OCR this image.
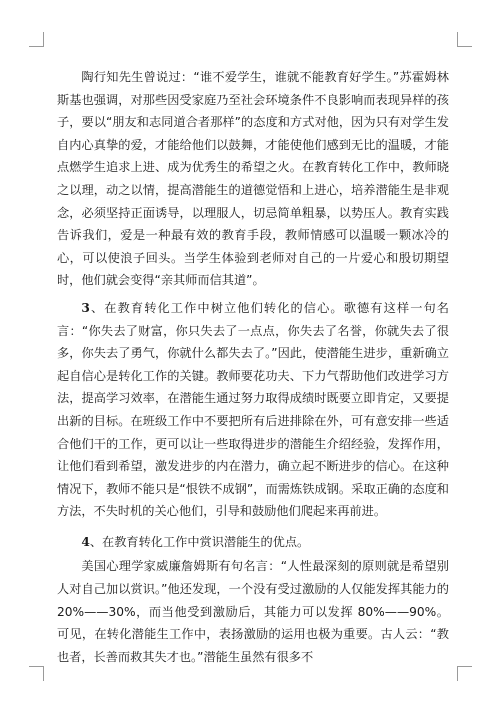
陶行知先生曾说过：“谁不爱学生，谁就不能教育好学生。”苏霍姆林斯基也强调，对那些因受家庭乃至社会环境条件不良影响而表现异样的孩子，要以“朋友和志同道合者那样”的态度和方式对他，因为只有对学生发自内心真挚的爱，才能给他们以鼓舞，才能使他们感到无比的温暖，才能点燃学生追求上进、成为优秀生的希望之火。在教育转化工作中，教师晓之以理，动之以情，提高潜能生的道德觉悟和上进心，培养潜能生是非观念，必须坚持正面诱导，以理服人，切忌简单粗暴，以势压人。教育实践告诉我们，爱是一种最有效的教育手段，教师情感可以温暖一颗冰冷的心，可以使浪子回头。当学生体验到老师对自己的一片爱心和殷切期望时，他们就会变得“亲其师而信其道”。

3、在教育转化工作中树立他们转化的信心。歌德有这样一句名言：“你失去了财富，你只失去了一点点，你失去了名誉，你就失去了很多，你失去了勇气，你就什么都失去了。”因此，使潜能生进步，重新确立起自信心是转化工作的关键。教师要花功夫、下力气帮助他们改进学习方法，提高学习效率，在潜能生通过努力取得成绩时既要立即肯定，又要提出新的目标。在班级工作中不要把所有后进排除在外，可有意安排一些适合他们干的工作，更可以让一些取得进步的潜能生介绍经验，发挥作用，让他们看到希望，激发进步的内在潜力，确立起不断进步的信心。在这种情况下，教师不能只是“恨铁不成钢”，而需炼铁成钢。采取正确的态度和方法，不失时机的关心他们，引导和鼓励他们爬起来再前进。

4、在教育转化工作中赏识潜能生的优点。

美国心理学家威廉詹姆斯有句名言：“人性最深刻的原则就是希望别人对自己加以赏识。”他还发现，一个没有受过激励的人仅能发挥其能力的 20%——30%，而当他受到激励后，其能力可以发挥 80%——90%。可见，在转化潜能生工作中，表扬激励的运用也极为重要。古人云：“教也者，长善而救其失才也。”潜能生虽然有很多不
